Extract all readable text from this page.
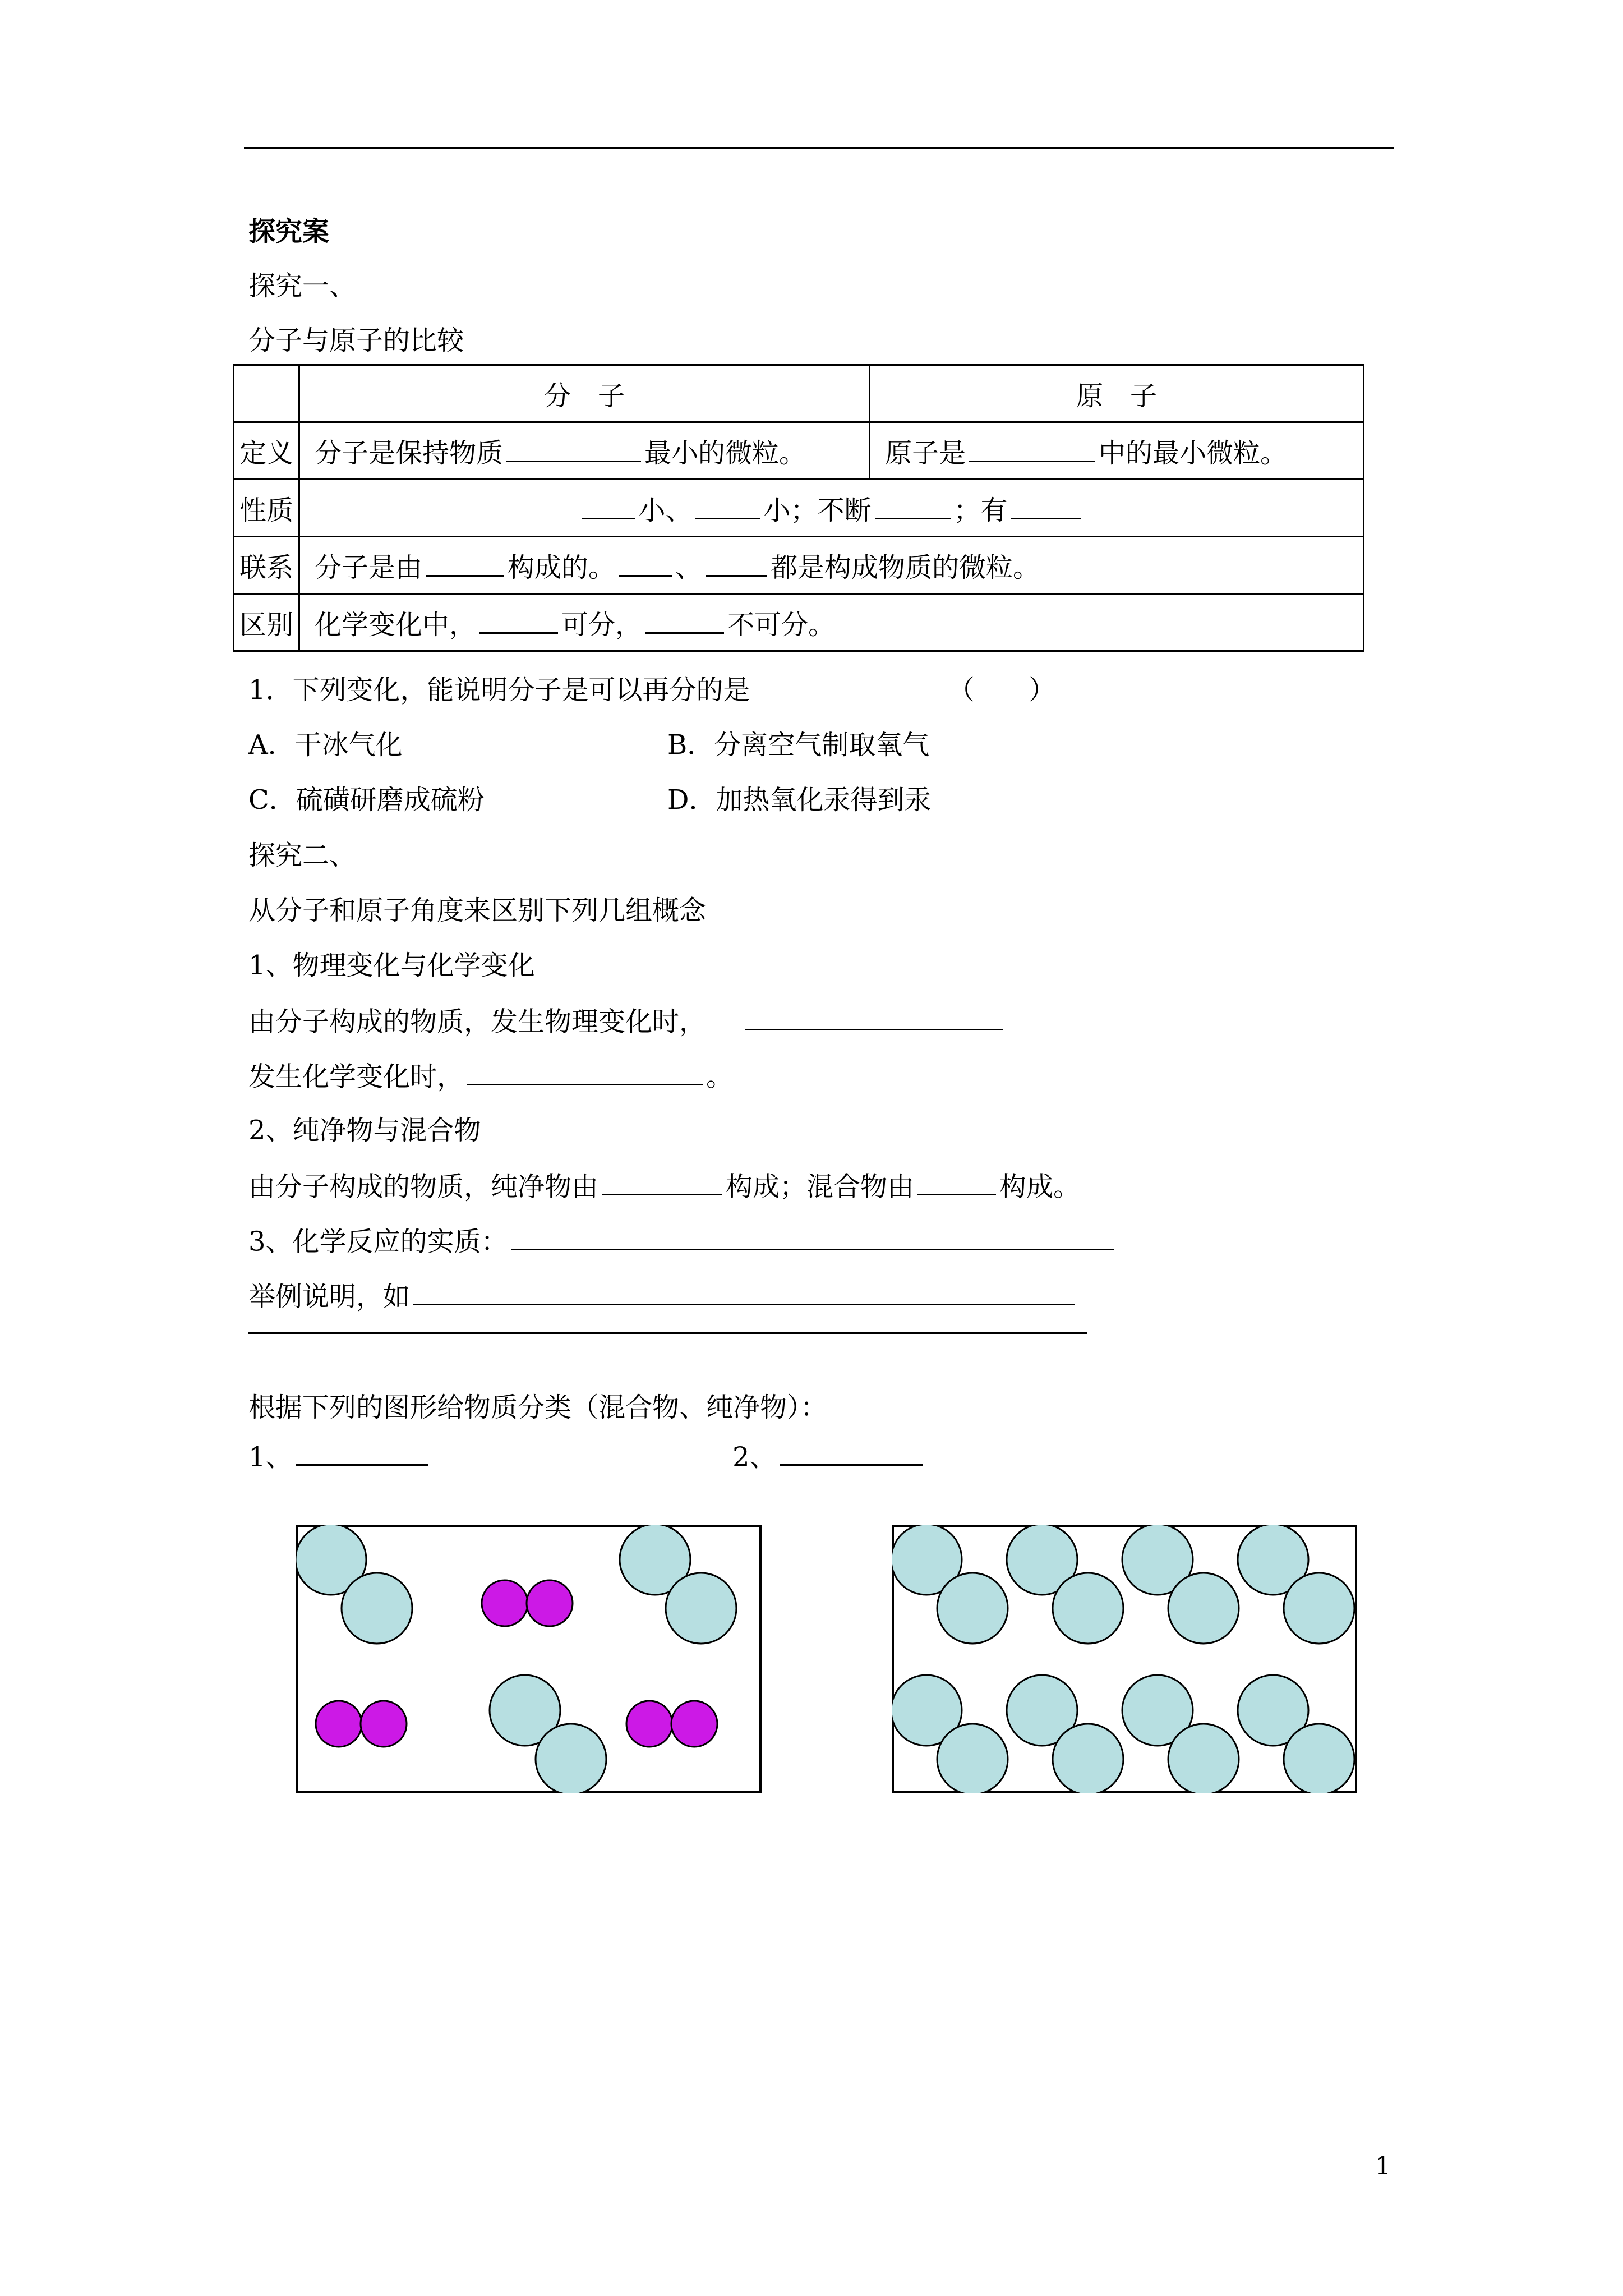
探究案
探究一、
分子与原子的比较
	分　子	原　子
定义	分子是保持物质 最小的微粒。	原子是 中的最小微粒。
性质	小、 小；不断 ；有	
联系	分子是由 构成的。 、 都是构成物质的微粒。	
区别	化学变化中， 可分， 不可分。	
1．下列变化，能说明分子是可以再分的是	（　　）
A．干冰气化	B．分离空气制取氧气
C．硫磺研磨成硫粉	D．加热氧化汞得到汞
探究二、
从分子和原子角度来区别下列几组概念
1、物理变化与化学变化
由分子构成的物质，发生物理变化时，
发生化学变化时，	。
2、纯净物与混合物
由分子构成的物质，纯净物由	构成；混合物由	构成。
3、化学反应的实质：
举例说明，如
根据下列的图形给物质分类（混合物、纯净物）：
1、	2、
1
